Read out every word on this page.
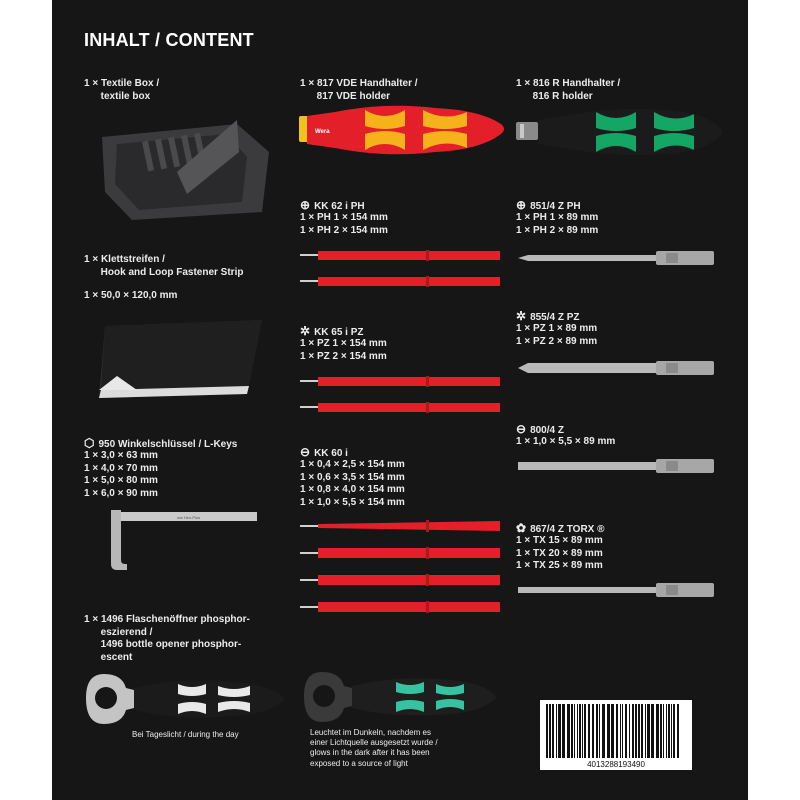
INHALT / CONTENT
1 × Textile Box /
textile box
1 × Klettstreifen /
Hook and Loop Fastener Strip
1 × 50,0 × 120,0 mm
⬡ 950 Winkelschlüssel / L-Keys
1 × 3,0 × 63 mm
1 × 4,0 × 70 mm
1 × 5,0 × 80 mm
1 × 6,0 × 90 mm
ww Hex-Plus
1 × 1496 Flaschenöffner phosphor-
eszierend /
1496 bottle opener phosphor-
escent
Bei Tageslicht / during the day
1 × 817 VDE Handhalter /
817 VDE holder
Wera
⊕ KK 62 i PH
1 × PH 1 × 154 mm
1 × PH 2 × 154 mm
✲ KK 65 i PZ
1 × PZ 1 × 154 mm
1 × PZ 2 × 154 mm
⊖ KK 60 i
1 × 0,4 × 2,5 × 154 mm
1 × 0,6 × 3,5 × 154 mm
1 × 0,8 × 4,0 × 154 mm
1 × 1,0 × 5,5 × 154 mm
Leuchtet im Dunkeln, nachdem es
einer Lichtquelle ausgesetzt wurde /
glows in the dark after it has been
exposed to a source of light
1 × 816 R Handhalter /
816 R holder
⊕ 851/4 Z PH
1 × PH 1 × 89 mm
1 × PH 2 × 89 mm
✲ 855/4 Z PZ
1 × PZ 1 × 89 mm
1 × PZ 2 × 89 mm
⊖ 800/4 Z
1 × 1,0 × 5,5 × 89 mm
✿ 867/4 Z TORX ®
1 × TX 15 × 89 mm
1 × TX 20 × 89 mm
1 × TX 25 × 89 mm
4013288193490
